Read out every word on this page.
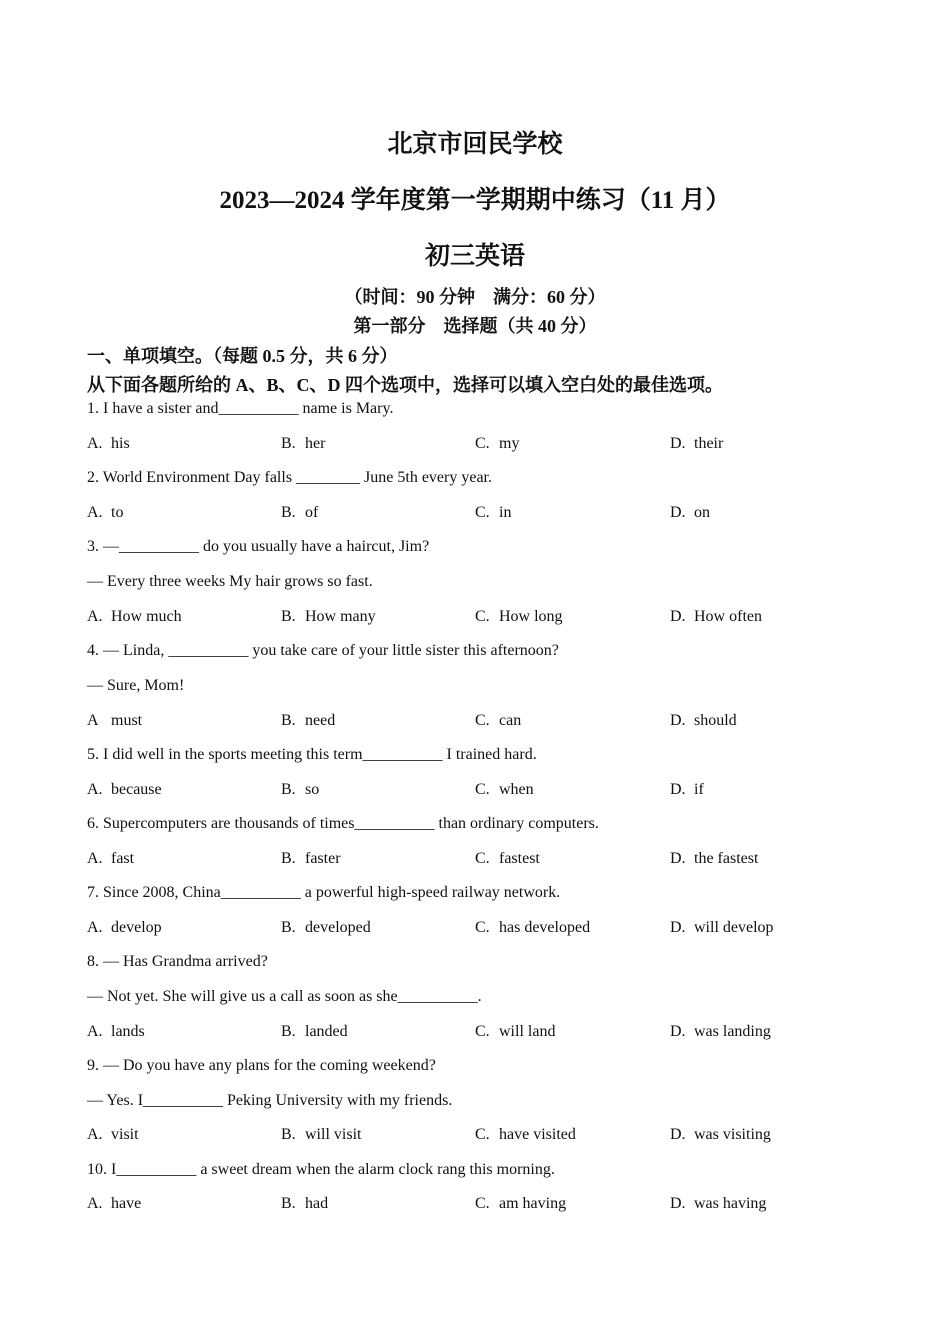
北京市回民学校
2023—2024 学年度第一学期期中练习（11 月）
初三英语
（时间：90 分钟　满分：60 分）
第一部分　选择题（共 40 分）
一、单项填空。（每题 0.5 分，共 6 分）
从下面各题所给的 A、B、C、D 四个选项中，选择可以填入空白处的最佳选项。
1. I have a sister and__________ name is Mary.
A. his	B. her	C. my	D. their
2. World Environment Day falls ________ June 5th every year.
A. to	B. of	C. in	D. on
3. —__________ do you usually have a haircut, Jim?
— Every three weeks My hair grows so fast.
A. How much	B. How many	C. How long	D. How often
4. — Linda, __________ you take care of your little sister this afternoon?
— Sure, Mom!
A must	B. need	C. can	D. should
5. I did well in the sports meeting this term__________ I trained hard.
A. because	B. so	C. when	D. if
6. Supercomputers are thousands of times__________ than ordinary computers.
A. fast	B. faster	C. fastest	D. the fastest
7. Since 2008, China__________ a powerful high-speed railway network.
A. develop	B. developed	C. has developed	D. will develop
8. — Has Grandma arrived?
— Not yet. She will give us a call as soon as she__________.
A. lands	B. landed	C. will land	D. was landing
9. — Do you have any plans for the coming weekend?
— Yes. I__________ Peking University with my friends.
A. visit	B. will visit	C. have visited	D. was visiting
10. I__________ a sweet dream when the alarm clock rang this morning.
A. have	B. had	C. am having	D. was having
